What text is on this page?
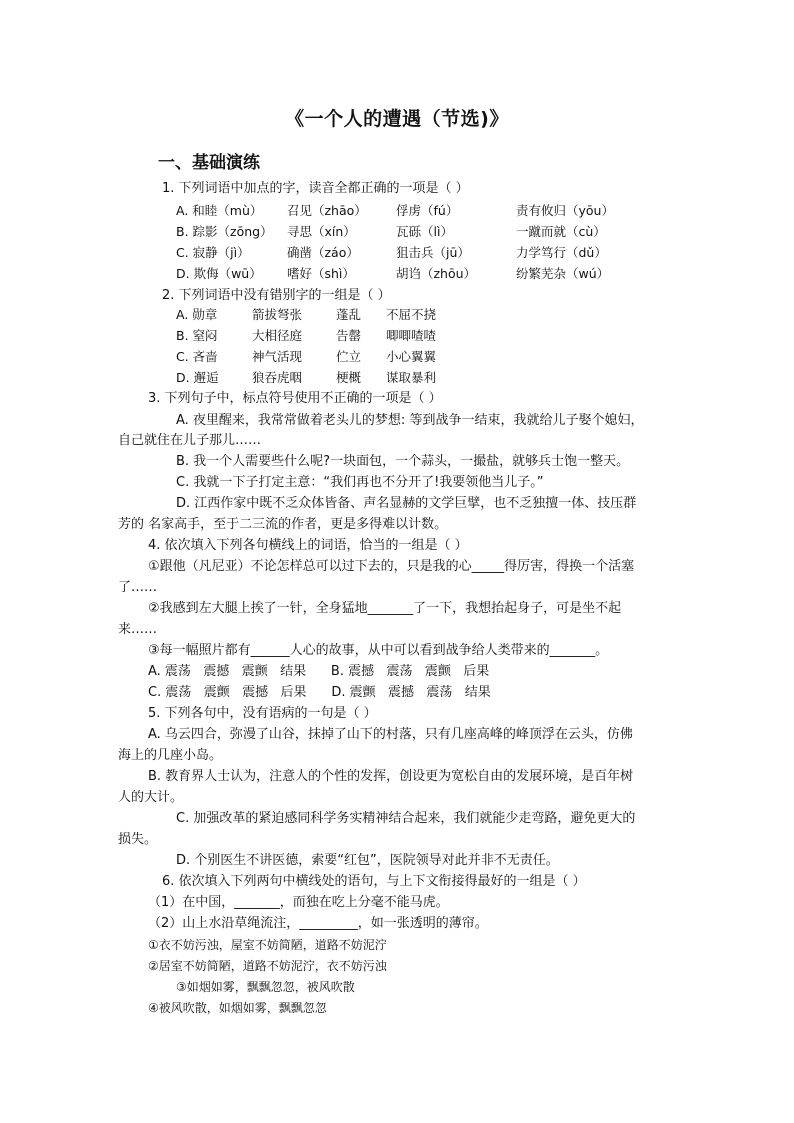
《一个人的遭遇（节选)》
一、基础演练
1. 下列词语中加点的字，读音全都正确的一项是（ ）
A. 和睦（mù） 召见（zhāo） 俘虏（fú）	责有攸归（yōu）
B. 踪影（zōng） 寻思（xín）	瓦砾（lì）	一蹴而就（cù）
C. 寂静（jì）	确凿（záo）	狙击兵（jū）	力学笃行（dǔ）
D. 欺侮（wū） 嗜好（shì）	胡诌（zhōu）	纷繁芜杂（wú）
2. 下列词语中没有错别字的一组是（ ）
A. 勋章	箭拔弩张	蓬乱 不屈不挠
B. 窒闷	大相径庭	告罄 唧唧喳喳
C. 吝啬	神气活现	伫立 小心翼翼
D. 邂逅	狼吞虎咽	梗概 谋取暴利
3. 下列句子中，标点符号使用不正确的一项是（ ）
A. 夜里醒来，我常常做着老头儿的梦想: 等到战争一结束，我就给儿子娶个媳妇，
自己就住在儿子那儿……
B. 我一个人需要些什么呢?一块面包，一个蒜头，一撮盐，就够兵士饱一整天。
C. 我就一下子打定主意：“我们再也不分开了!我要领他当儿子。”
D. 江西作家中既不乏众体皆备、声名显赫的文学巨擘，也不乏独擅一体、技压群
芳的 名家高手，至于二三流的作者，更是多得难以计数。
4. 依次填入下列各句横线上的词语，恰当的一组是（ ）
①跟他（凡尼亚）不论怎样总可以过下去的，只是我的心_____得厉害，得换一个活塞
了……
②我感到左大腿上挨了一针，全身猛地_______了一下，我想抬起身子，可是坐不起
来……
③每一幅照片都有______人心的故事，从中可以看到战争给人类带来的_______。
A. 震荡   震撼   震颤   结果      B. 震撼   震荡   震颤   后果
C. 震荡   震颤   震撼   后果      D. 震颤   震撼   震荡   结果
5. 下列各句中，没有语病的一句是（ ）
A. 乌云四合，弥漫了山谷，抹掉了山下的村落，只有几座高峰的峰顶浮在云头，仿佛
海上的几座小岛。
B. 教育界人士认为，注意人的个性的发挥，创设更为宽松自由的发展环境，是百年树
人的大计。
C. 加强改革的紧迫感同科学务实精神结合起来，我们就能少走弯路，避免更大的
损失。
D. 个别医生不讲医德，索要“红包”，医院领导对此并非不无责任。
6. 依次填入下列两句中横线处的语句，与上下文衔接得最好的一组是（ ）
（1）在中国，_______，而独在吃上分毫不能马虎。
（2）山上水沿草绳流注，_________，如一张透明的薄帘。
①衣不妨污浊，屋室不妨简陋，道路不妨泥泞
②居室不妨简陋，道路不妨泥泞，衣不妨污浊
③如烟如雾，飘飘忽忽，被风吹散
④被风吹散，如烟如雾，飘飘忽忽
